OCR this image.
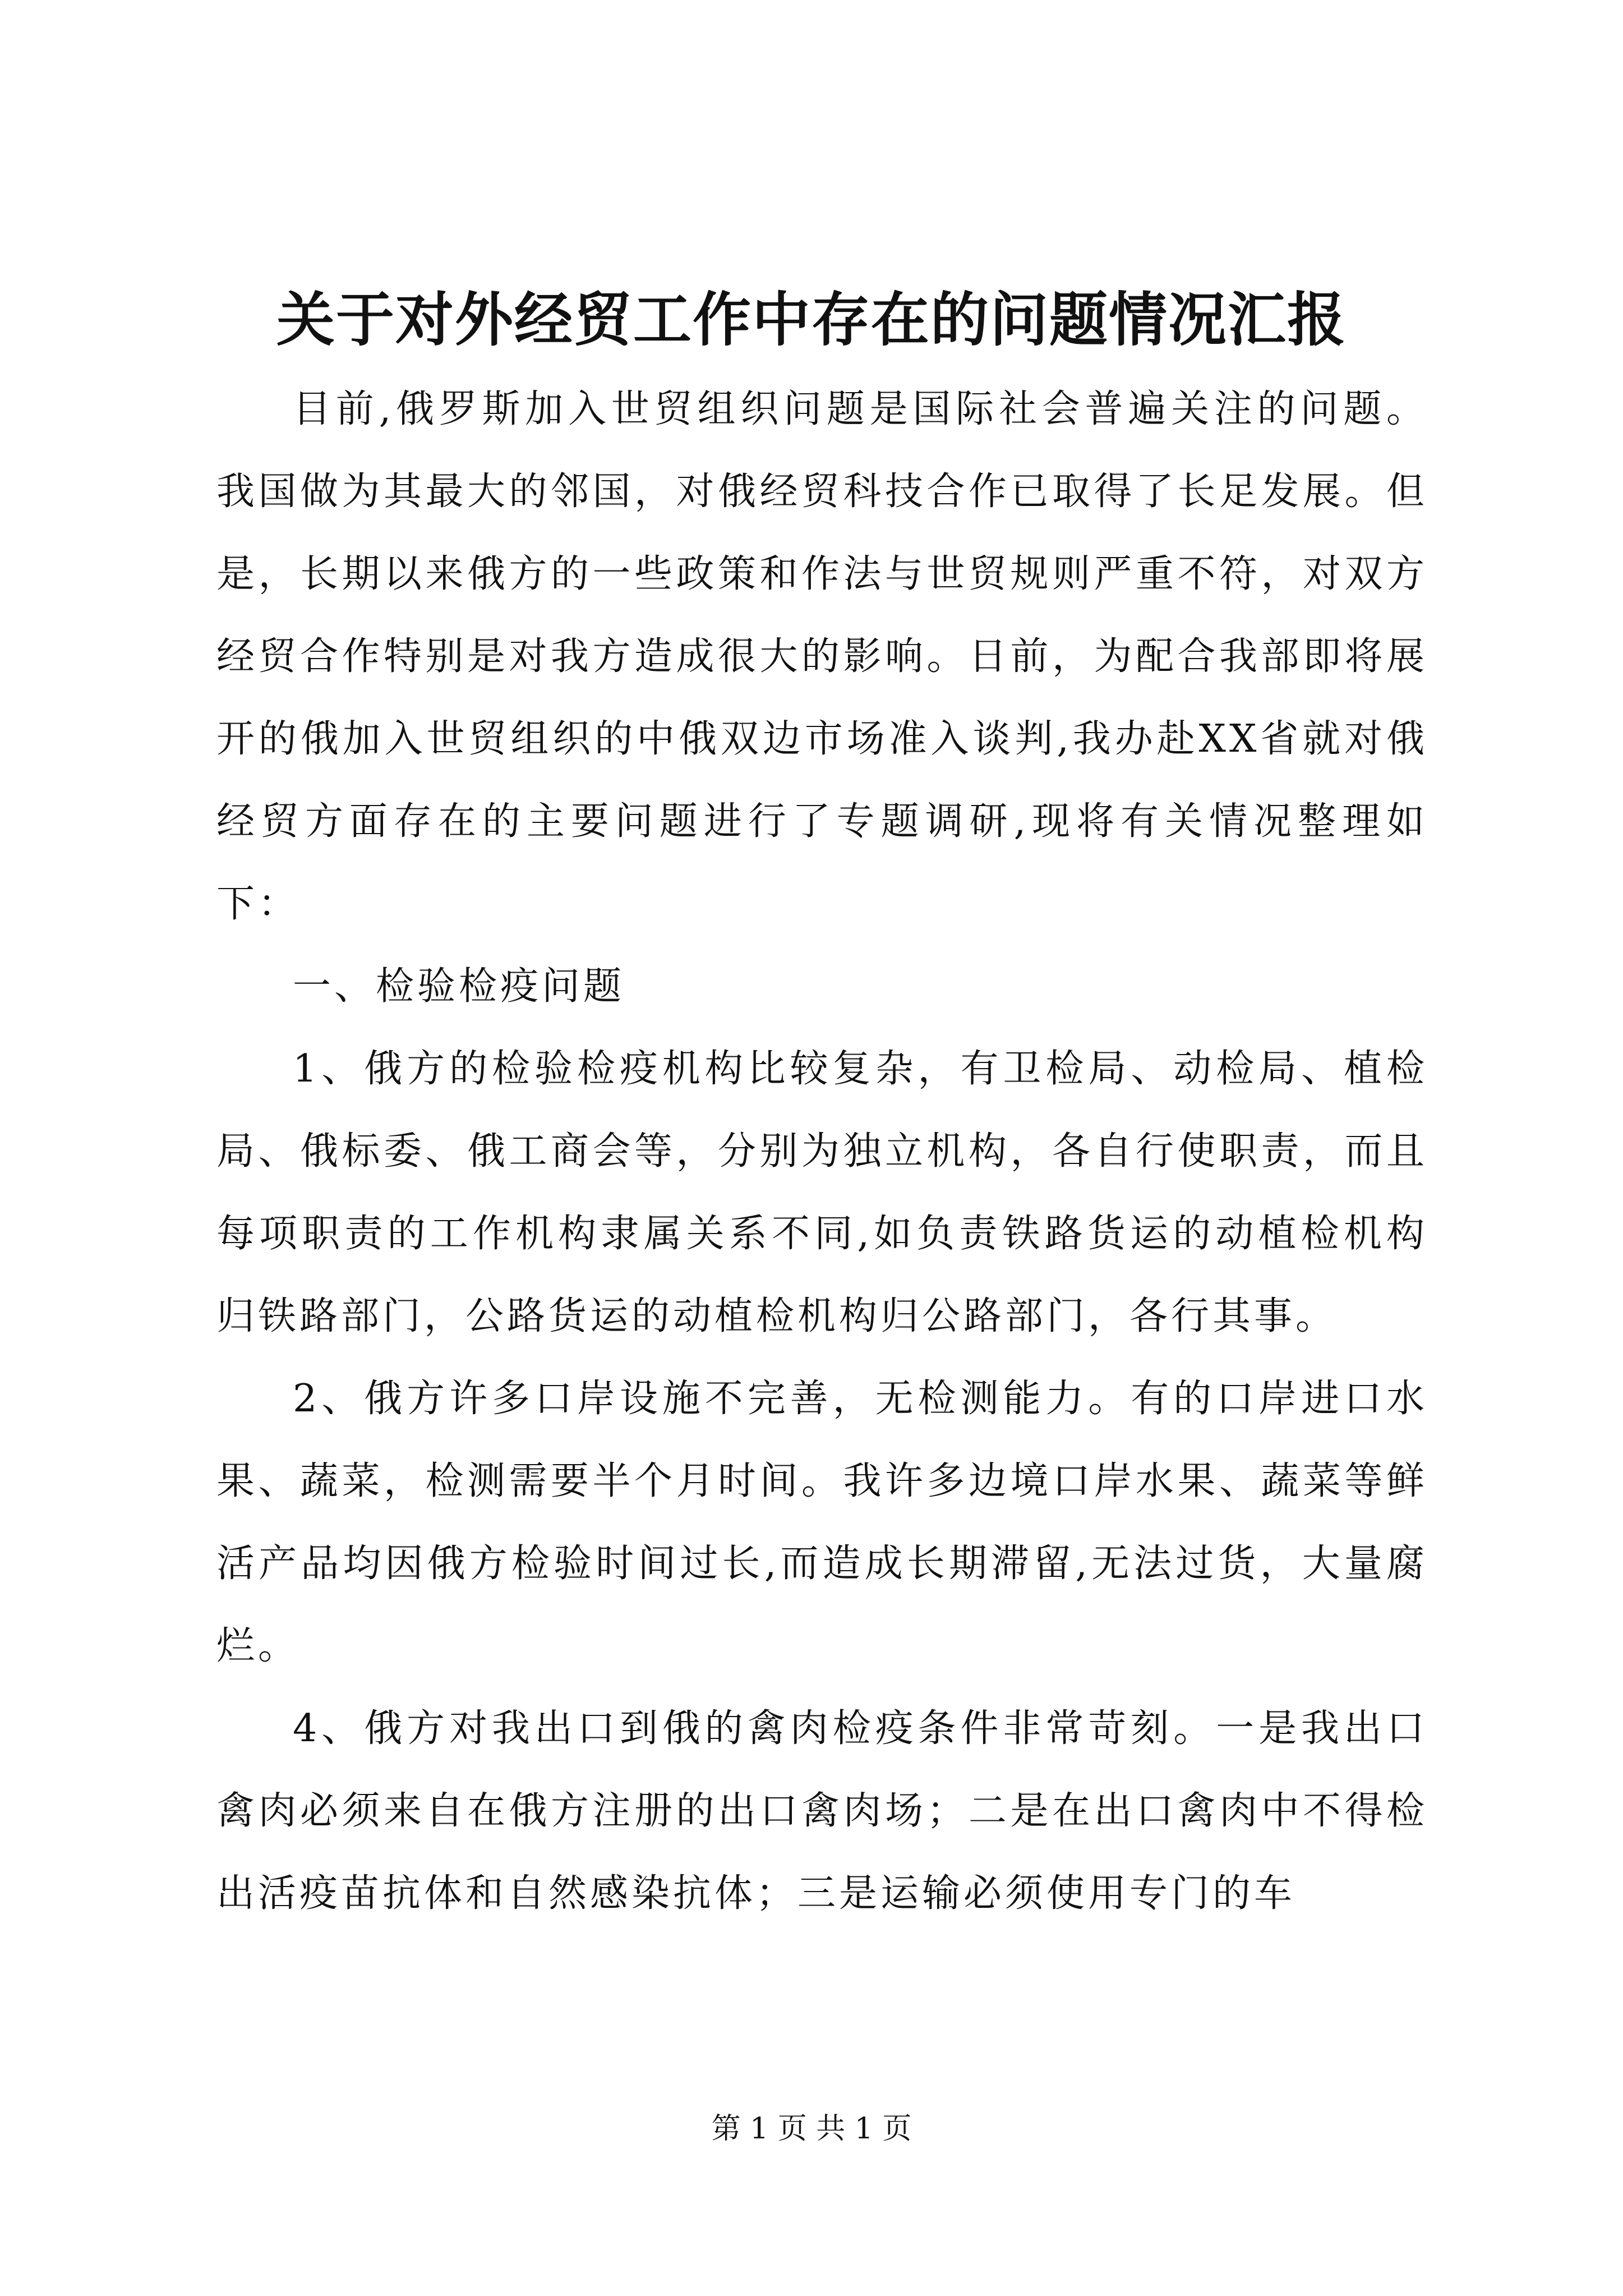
关于对外经贸工作中存在的问题情况汇报

目前,俄罗斯加入世贸组织问题是国际社会普遍关注的问题。我国做为其最大的邻国，对俄经贸科技合作已取得了长足发展。但是，长期以来俄方的一些政策和作法与世贸规则严重不符，对双方经贸合作特别是对我方造成很大的影响。日前，为配合我部即将展开的俄加入世贸组织的中俄双边市场准入谈判,我办赴XX省就对俄经贸方面存在的主要问题进行了专题调研,现将有关情况整理如下：

一、检验检疫问题

1、俄方的检验检疫机构比较复杂，有卫检局、动检局、植检局、俄标委、俄工商会等，分别为独立机构，各自行使职责，而且每项职责的工作机构隶属关系不同,如负责铁路货运的动植检机构归铁路部门，公路货运的动植检机构归公路部门，各行其事。

2、俄方许多口岸设施不完善，无检测能力。有的口岸进口水果、蔬菜，检测需要半个月时间。我许多边境口岸水果、蔬菜等鲜活产品均因俄方检验时间过长,而造成长期滞留,无法过货，大量腐烂。

4、俄方对我出口到俄的禽肉检疫条件非常苛刻。一是我出口禽肉必须来自在俄方注册的出口禽肉场；二是在出口禽肉中不得检出活疫苗抗体和自然感染抗体；三是运输必须使用专门的车

第 1 页 共 1 页
